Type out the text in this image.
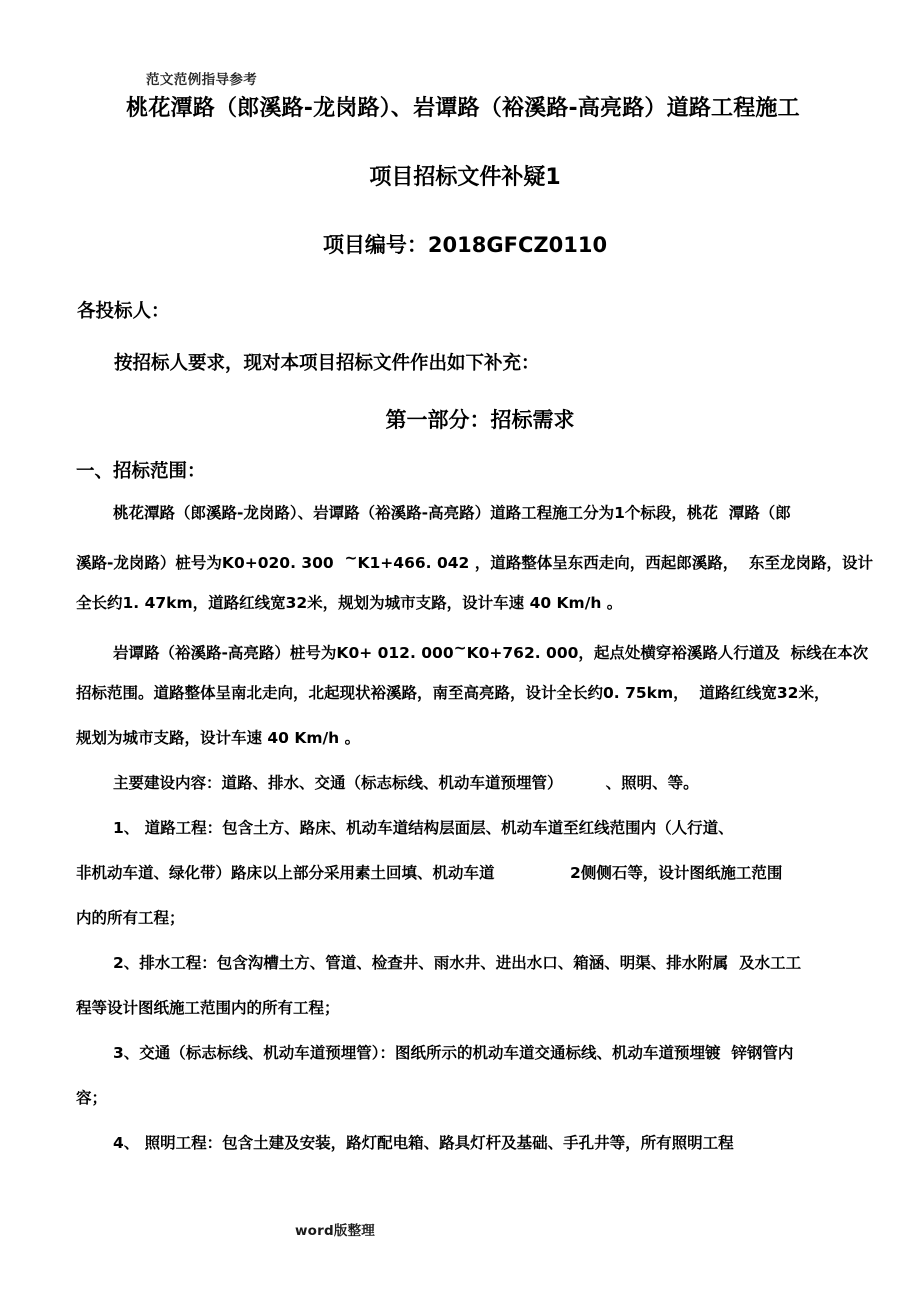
范文范例指导参考
桃花潭路（郎溪路-龙岗路）、岩谭路（裕溪路-高亮路）道路工程施工
项目招标文件补疑1
项目编号：2018GFCZ0110
各投标人：
按招标人要求，现对本项目招标文件作出如下补充：
第一部分：招标需求
一、招标范围：
桃花潭路（郎溪路-龙岗路）、岩谭路（裕溪路-高亮路）道路工程施工分为1个标段，桃花  潭路（郎
溪路-龙岗路）桩号为K0+020. 300  ~K1+466. 042 ，道路整体呈东西走向，西起郎溪路，  东至龙岗路，设计
全长约1. 47km，道路红线宽32米，规划为城市支路，设计车速 40 Km/h 。
岩谭路（裕溪路-高亮路）桩号为K0+ 012. 000~K0+762. 000，起点处横穿裕溪路人行道及  标线在本次
招标范围。道路整体呈南北走向，北起现状裕溪路，南至高亮路，设计全长约0. 75km，  道路红线宽32米，
规划为城市支路，设计车速 40 Km/h 。
主要建设内容：道路、排水、交通（标志标线、机动车道预埋管）        、照明、等。
1、 道路工程：包含土方、路床、机动车道结构层面层、机动车道至红线范围内（人行道、
非机动车道、绿化带）路床以上部分采用素土回填、机动车道              2侧侧石等，设计图纸施工范围
内的所有工程；
2、排水工程：包含沟槽土方、管道、检查井、雨水井、进出水口、箱涵、明渠、排水附属  及水工工
程等设计图纸施工范围内的所有工程；
3、交通（标志标线、机动车道预埋管）：图纸所示的机动车道交通标线、机动车道预埋镀  锌钢管内
容；
4、 照明工程：包含土建及安装，路灯配电箱、路具灯杆及基础、手孔井等，所有照明工程
word版整理
